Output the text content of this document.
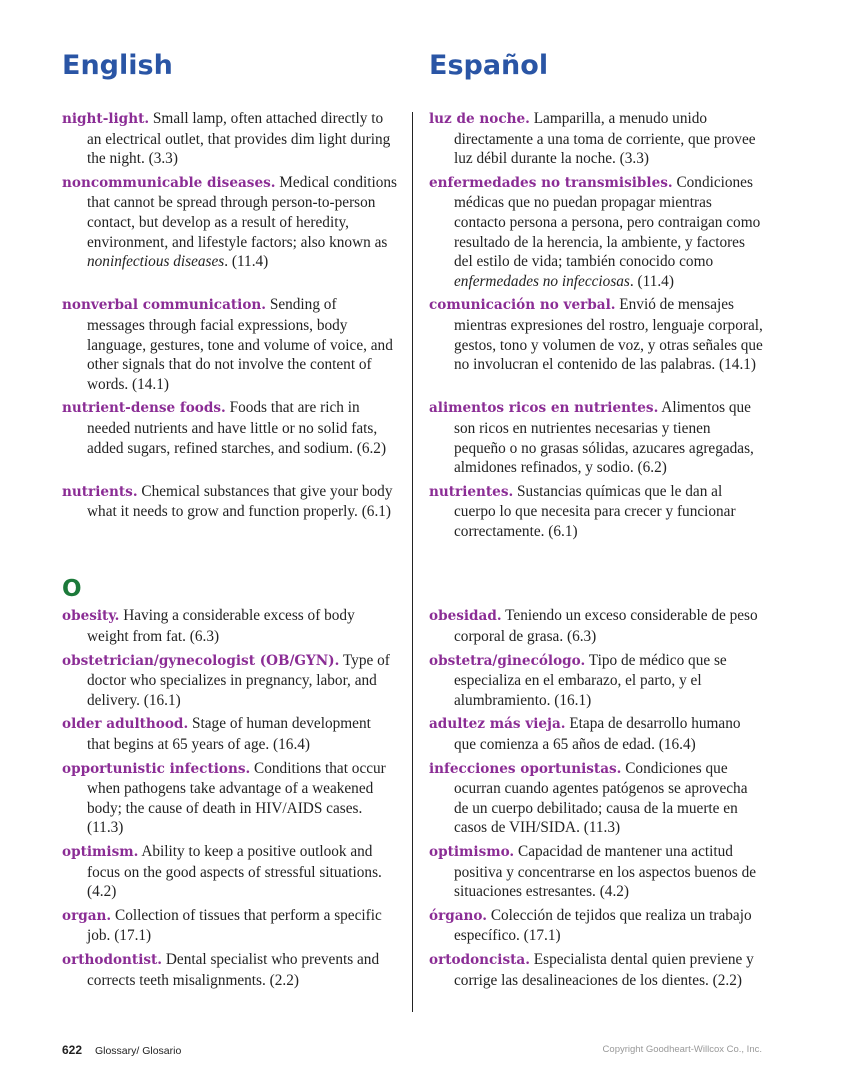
English	Español
night-light. Small lamp, often attached directly to an electrical outlet, that provides dim light during the night. (3.3)
luz de noche. Lamparilla, a menudo unido directamente a una toma de corriente, que provee luz débil durante la noche. (3.3)
noncommunicable diseases. Medical conditions that cannot be spread through person-to-person contact, but develop as a result of heredity, environment, and lifestyle factors; also known as noninfectious diseases. (11.4)
enfermedades no transmisibles. Condiciones médicas que no puedan propagar mientras contacto persona a persona, pero contraigan como resultado de la herencia, la ambiente, y factores del estilo de vida; también conocido como enfermedades no infecciosas. (11.4)
nonverbal communication. Sending of messages through facial expressions, body language, gestures, tone and volume of voice, and other signals that do not involve the content of words. (14.1)
comunicación no verbal. Envió de mensajes mientras expresiones del rostro, lenguaje corporal, gestos, tono y volumen de voz, y otras señales que no involucran el contenido de las palabras. (14.1)
nutrient-dense foods. Foods that are rich in needed nutrients and have little or no solid fats, added sugars, refined starches, and sodium. (6.2)
alimentos ricos en nutrientes. Alimentos que son ricos en nutrientes necesarias y tienen pequeño o no grasas sólidas, azucares agregadas, almidones refinados, y sodio. (6.2)
nutrients. Chemical substances that give your body what it needs to grow and function properly. (6.1)
nutrientes. Sustancias químicas que le dan al cuerpo lo que necesita para crecer y funcionar correctamente. (6.1)
O
obesity. Having a considerable excess of body weight from fat. (6.3)
obesidad. Teniendo un exceso considerable de peso corporal de grasa. (6.3)
obstetrician/gynecologist (OB/GYN). Type of doctor who specializes in pregnancy, labor, and delivery. (16.1)
obstetra/ginecólogo. Tipo de médico que se especializa en el embarazo, el parto, y el alumbramiento. (16.1)
older adulthood. Stage of human development that begins at 65 years of age. (16.4)
adultez más vieja. Etapa de desarrollo humano que comienza a 65 años de edad. (16.4)
opportunistic infections. Conditions that occur when pathogens take advantage of a weakened body; the cause of death in HIV/AIDS cases. (11.3)
infecciones oportunistas. Condiciones que ocurran cuando agentes patógenos se aprovecha de un cuerpo debilitado; causa de la muerte en casos de VIH/SIDA. (11.3)
optimism. Ability to keep a positive outlook and focus on the good aspects of stressful situations. (4.2)
optimismo. Capacidad de mantener una actitud positiva y concentrarse en los aspectos buenos de situaciones estresantes. (4.2)
organ. Collection of tissues that perform a specific job. (17.1)
órgano. Colección de tejidos que realiza un trabajo específico. (17.1)
orthodontist. Dental specialist who prevents and corrects teeth misalignments. (2.2)
ortodoncista. Especialista dental quien previene y corrige las desalineaciones de los dientes. (2.2)
622 Glossary/ Glosario	Copyright Goodheart-Willcox Co., Inc.
